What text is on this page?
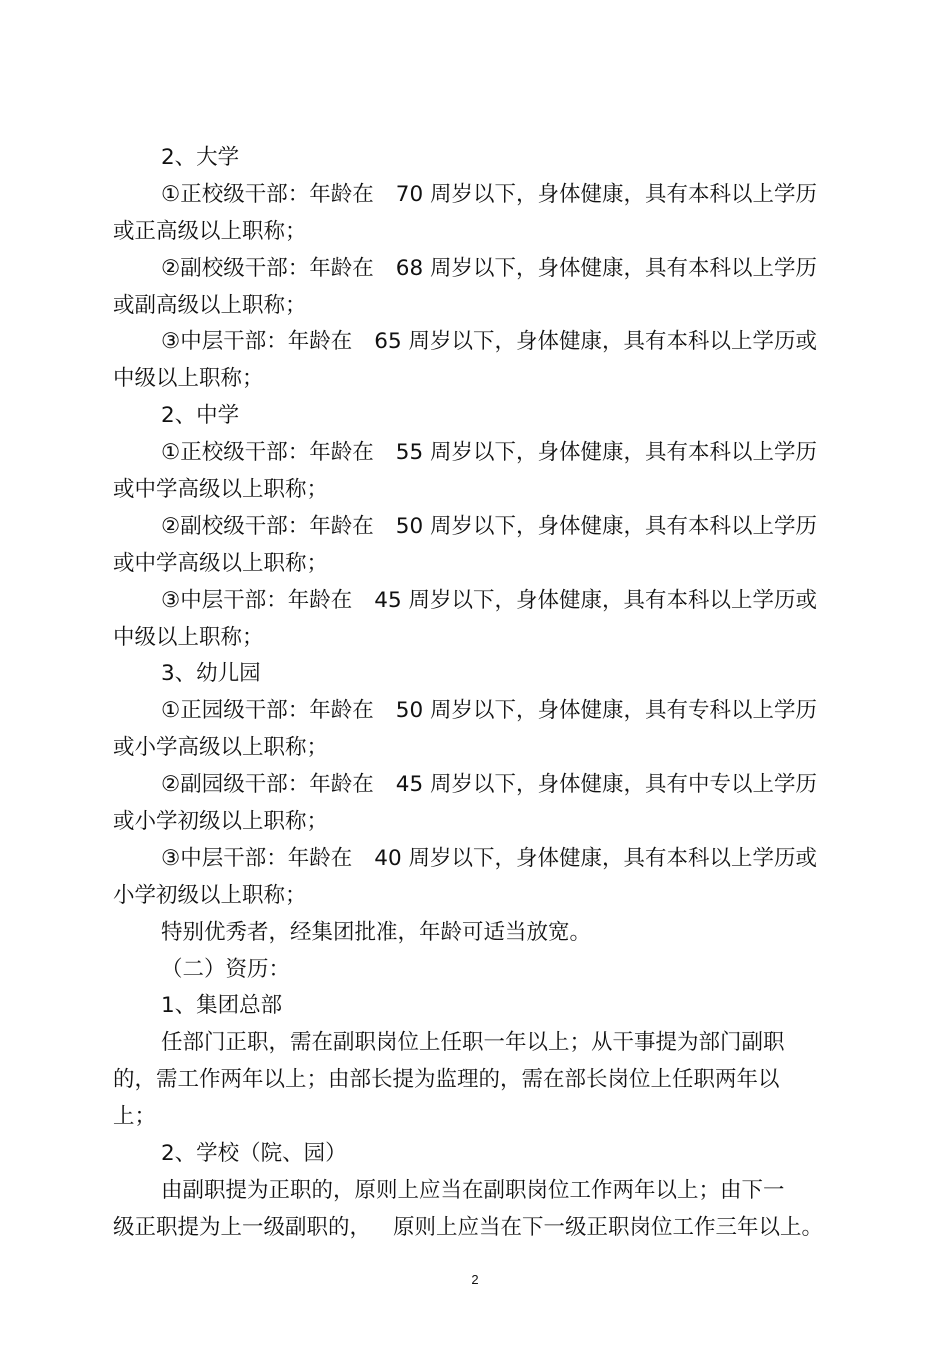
2、大学
①正校级干部：年龄在 70 周岁以下，身体健康，具有本科以上学历
或正高级以上职称；
②副校级干部：年龄在 68 周岁以下，身体健康，具有本科以上学历
或副高级以上职称；
③中层干部：年龄在 65 周岁以下，身体健康，具有本科以上学历或
中级以上职称；
2、中学
①正校级干部：年龄在 55 周岁以下，身体健康，具有本科以上学历
或中学高级以上职称；
②副校级干部：年龄在 50 周岁以下，身体健康，具有本科以上学历
或中学高级以上职称；
③中层干部：年龄在 45 周岁以下，身体健康，具有本科以上学历或
中级以上职称；
3、幼儿园
①正园级干部：年龄在 50 周岁以下，身体健康，具有专科以上学历
或小学高级以上职称；
②副园级干部：年龄在 45 周岁以下，身体健康，具有中专以上学历
或小学初级以上职称；
③中层干部：年龄在 40 周岁以下，身体健康，具有本科以上学历或
小学初级以上职称；
特别优秀者，经集团批准，年龄可适当放宽。
（二）资历：
1、集团总部
任部门正职，需在副职岗位上任职一年以上；从干事提为部门副职
的，需工作两年以上；由部长提为监理的，需在部长岗位上任职两年以
上；
2、学校（院、园）
由副职提为正职的，原则上应当在副职岗位工作两年以上；由下一
级正职提为上一级副职的， 原则上应当在下一级正职岗位工作三年以上。
2
